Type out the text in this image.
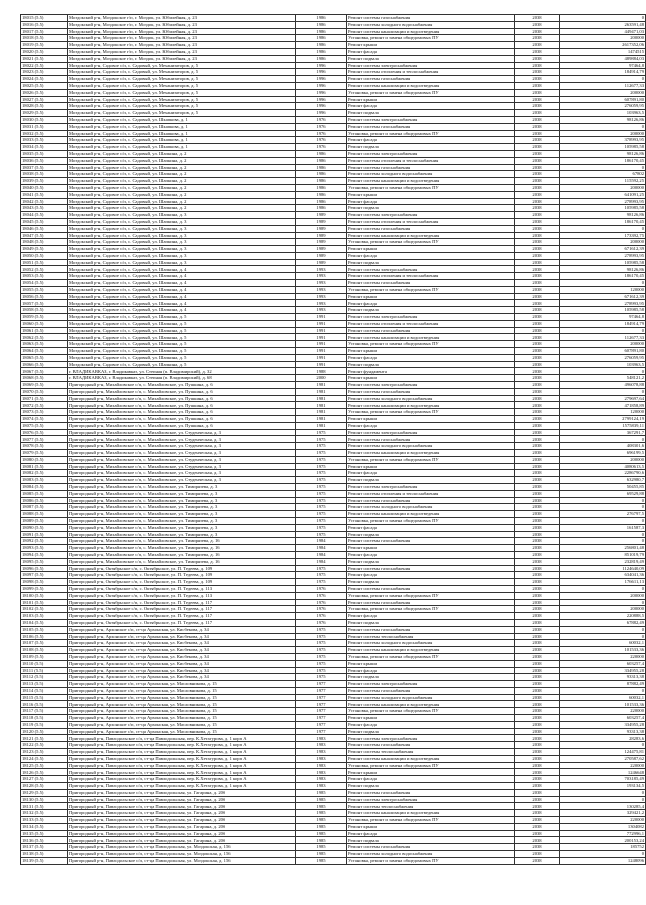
18015 (5.5)	Моздокский р-н, Моздокское г/п, г. Моздок, ул. Юбилейная, д. 23	1986	Ремонт системы газоснабжения	2038	0
18016 (5.5)	Моздокский р-н, Моздокское г/п, г. Моздок, ул. Юбилейная, д. 23	1986	Ремонт системы холодного водоснабжения	2038	263591,48
18017 (5.5)	Моздокский р-н, Моздокское г/п, г. Моздок, ул. Юбилейная, д. 23	1986	Ремонт системы канализации и водоотведения	2038	449471,03
18018 (5.5)	Моздокский р-н, Моздокское г/п, г. Моздок, ул. Юбилейная, д. 23	1986	Установка, ремонт и замена общедомовых ПУ	2038	200000
18019 (5.5)	Моздокский р-н, Моздокское г/п, г. Моздок, ул. Юбилейная, д. 23	1986	Ремонт крыши	2038	2617352,06
18020 (5.5)	Моздокский р-н, Моздокское г/п, г. Моздок, ул. Юбилейная, д. 23	1986	Ремонт фасада	2038	1474515
18021 (5.5)	Моздокский р-н, Моздокское г/п, г. Моздок, ул. Юбилейная, д. 23	1986	Ремонт подвала	2038	489884,03
18022 (5.5)	Моздокский р-н, Садовое с/п, с. Садовый, ул. Механизаторов, д. 5	1996	Ремонт системы электроснабжения	2038	97464,8
18023 (5.5)	Моздокский р-н, Садовое с/п, с. Садовый, ул. Механизаторов, д. 5	1996	Ремонт системы отопления и теплоснабжения	2038	184914,79
18024 (5.5)	Моздокский р-н, Садовое с/п, с. Садовый, ул. Механизаторов, д. 5	1996	Ремонт системы газоснабжения	2038	0
18025 (5.5)	Моздокский р-н, Садовое с/п, с. Садовый, ул. Механизаторов, д. 5	1996	Ремонт системы канализации и водоотведения	2038	112677,33
18026 (5.5)	Моздокский р-н, Садовое с/п, с. Садовый, ул. Механизаторов, д. 5	1996	Установка, ремонт и замена общедомовых ПУ	2038	200000
18027 (5.5)	Моздокский р-н, Садовое с/п, с. Садовый, ул. Механизаторов, д. 5	1996	Ремонт крыши	2038	607891,80
18028 (5.5)	Моздокский р-н, Садовое с/п, с. Садовый, ул. Механизаторов, д. 5	1996	Ремонт фасада	2038	276059,95
18029 (5.5)	Моздокский р-н, Садовое с/п, с. Садовый, ул. Механизаторов, д. 5	1996	Ремонт подвала	2038	103963,5
18030 (5.5)	Моздокский р-н, Садовое с/п, с. Садовый, ул. Шкапкова, д. 1	1976	Ремонт системы электроснабжения	2038	98126,86
18031 (5.5)	Моздокский р-н, Садовое с/п, с. Садовый, ул. Шкапкова, д. 1	1976	Ремонт системы газоснабжения	2038	0
18032 (5.5)	Моздокский р-н, Садовое с/п, с. Садовый, ул. Шкапкова, д. 1	1976	Установка, ремонт и замена общедомовых ПУ	2038	200000
18033 (5.5)	Моздокский р-н, Садовое с/п, с. Садовый, ул. Шкапкова, д. 1	1976	Ремонт фасада	2038	378993,95
18034 (5.5)	Моздокский р-н, Садовое с/п, с. Садовый, ул. Шкапкова, д. 1	1976	Ремонт подвала	2038	105985,58
18035 (5.5)	Моздокский р-н, Садовое с/п, с. Садовый, ул. Шапкина, д. 2	1986	Ремонт системы электроснабжения	2038	98126,86
18036 (5.5)	Моздокский р-н, Садовое с/п, с. Садовый, ул. Шапкина, д. 2	1986	Ремонт системы отопления и теплоснабжения	2038	186170,45
18037 (5.5)	Моздокский р-н, Садовое с/п, с. Садовый, ул. Шапкина, д. 2	1986	Ремонт системы газоснабжения	2038	0
18038 (5.5)	Моздокский р-н, Садовое с/п, с. Садовый, ул. Шапкина, д. 2	1986	Ремонт системы холодного водоснабжения	2038	67802
18039 (5.5)	Моздокский р-н, Садовое с/п, с. Садовый, ул. Шапкина, д. 2	1986	Ремонт системы канализации и водоотведения	2038	115592,25
18040 (5.5)	Моздокский р-н, Садовое с/п, с. Садовый, ул. Шапкина, д. 2	1986	Установка, ремонт и замена общедомовых ПУ	2038	200000
18041 (5.5)	Моздокский р-н, Садовое с/п, с. Садовый, ул. Шапкина, д. 2	1986	Ремонт крыши	2038	641091,25
18042 (5.5)	Моздокский р-н, Садовое с/п, с. Садовый, ул. Шапкина, д. 2	1986	Ремонт фасада	2038	278993,95
18043 (5.5)	Моздокский р-н, Садовое с/п, с. Садовый, ул. Шапкина, д. 2	1986	Ремонт подвала	2038	105985,58
18044 (5.5)	Моздокский р-н, Садовое с/п, с. Садовый, ул. Шапкина, д. 3	1989	Ремонт системы электроснабжения	2038	98126,86
18045 (5.5)	Моздокский р-н, Садовое с/п, с. Садовый, ул. Шапкина, д. 3	1989	Ремонт системы отопления и теплоснабжения	2038	186170,45
18046 (5.5)	Моздокский р-н, Садовое с/п, с. Садовый, ул. Шапкина, д. 3	1989	Ремонт системы газоснабжения	2038	0
18047 (5.5)	Моздокский р-н, Садовое с/п, с. Садовый, ул. Шапкина, д. 3	1989	Ремонт системы канализации и водоотведения	2038	173392,75
18048 (5.5)	Моздокский р-н, Садовое с/п, с. Садовый, ул. Шапкина, д. 3	1989	Установка, ремонт и замена общедомовых ПУ	2038	200000
18049 (5.5)	Моздокский р-н, Садовое с/п, с. Садовый, ул. Шапкина, д. 3	1989	Ремонт крыши	2038	671612,39
18050 (5.5)	Моздокский р-н, Садовое с/п, с. Садовый, ул. Шапкина, д. 3	1989	Ремонт фасада	2038	278993,95
18051 (5.5)	Моздокский р-н, Садовое с/п, с. Садовый, ул. Шапкина, д. 3	1989	Ремонт подвала	2038	105985,58
18052 (5.5)	Моздокский р-н, Садовое с/п, с. Садовый, ул. Шапкина, д. 4	1993	Ремонт системы электроснабжения	2038	98126,86
18053 (5.5)	Моздокский р-н, Садовое с/п, с. Садовый, ул. Шапкина, д. 4	1993	Ремонт системы отопления и теплоснабжения	2038	186170,45
18054 (5.5)	Моздокский р-н, Садовое с/п, с. Садовый, ул. Шапкина, д. 4	1993	Ремонт системы газоснабжения	2038	0
18055 (5.5)	Моздокский р-н, Садовое с/п, с. Садовый, ул. Шапкина, д. 4	1993	Установка, ремонт и замена общедомовых ПУ	2038	120000
18056 (5.5)	Моздокский р-н, Садовое с/п, с. Садовый, ул. Шапкина, д. 4	1993	Ремонт крыши	2038	671612,39
18057 (5.5)	Моздокский р-н, Садовое с/п, с. Садовый, ул. Шапкина, д. 4	1993	Ремонт фасада	2038	278993,95
18058 (5.5)	Моздокский р-н, Садовое с/п, с. Садовый, ул. Шапкина, д. 4	1993	Ремонт подвала	2038	105985,58
18059 (5.5)	Моздокский р-н, Садовое с/п, с. Садовый, ул. Шапкина, д. 5	1991	Ремонт системы электроснабжения	2038	97464,8
18060 (5.5)	Моздокский р-н, Садовое с/п, с. Садовый, ул. Шапкина, д. 5	1991	Ремонт системы отопления и теплоснабжения	2038	184914,79
18061 (5.5)	Моздокский р-н, Садовое с/п, с. Садовый, ул. Шапкина, д. 5	1991	Ремонт системы газоснабжения	2038	0
18062 (5.5)	Моздокский р-н, Садовое с/п, с. Садовый, ул. Шапкина, д. 5	1991	Ремонт системы канализации и водоотведения	2038	112677,33
18063 (5.5)	Моздокский р-н, Садовое с/п, с. Садовый, ул. Шапкина, д. 5	1991	Установка, ремонт и замена общедомовых ПУ	2038	200000
18064 (5.5)	Моздокский р-н, Садовое с/п, с. Садовый, ул. Шапкина, д. 5	1991	Ремонт крыши	2038	607891,80
18065 (5.5)	Моздокский р-н, Садовое с/п, с. Садовый, ул. Шапкина, д. 5	1991	Ремонт фасада	2038	276059,95
18066 (5.5)	Моздокский р-н, Садовое с/п, с. Садовый, ул. Шапкина, д. 5	1991	Ремонт подвала	2038	103963,5
18067 (5.5)	г. ВЛАДИКАВКАЗ, г. Владикавказ, ул. Степная (п. Владимирский), д. 32	1988	Ремонт фундамента	2038	0
18068 (5.5)	г. ВЛАДИКАВКАЗ, г. Владикавказ, ул. Степная (п. Владимирский), д. 68	2000	Ремонт крыши	2038	548121,2
18069 (5.5)	Пригородный р-н, Михайловское с/п, с. Михайловское, ул. Пушкина, д. 6	1981	Ремонт системы электроснабжения	2038	496078,88
18070 (5.5)	Пригородный р-н, Михайловское с/п, с. Михайловское, ул. Пушкина, д. 6	1981	Ремонт системы газоснабжения	2038	0
18071 (5.5)	Пригородный р-н, Михайловское с/п, с. Михайловское, ул. Пушкина, д. 6	1981	Ремонт системы холодного водоснабжения	2038	279697,64
18072 (5.5)	Пригородный р-н, Михайловское с/п, с. Михайловское, ул. Пушкина, д. 6	1981	Ремонт системы канализации и водоотведения	2038	471858,89
18073 (5.5)	Пригородный р-н, Михайловское с/п, с. Михайловское, ул. Пушкина, д. 6	1981	Установка, ремонт и замена общедомовых ПУ	2038	120000
18074 (5.5)	Пригородный р-н, Михайловское с/п, с. Михайловское, ул. Пушкина, д. 6	1981	Ремонт крыши	2038	2799124,19
18075 (5.5)	Пригородный р-н, Михайловское с/п, с. Михайловское, ул. Пушкина, д. 6	1981	Ремонт фасада	2038	1575839,11
18076 (5.5)	Пригородный р-н, Михайловское с/п, с. Михайловское, ул. Студенческая, д. 3	1975	Ремонт системы электроснабжения	2038	367291,7
18077 (5.5)	Пригородный р-н, Михайловское с/п, с. Михайловское, ул. Студенческая, д. 3	1975	Ремонт системы газоснабжения	2038	0
18078 (5.5)	Пригородный р-н, Михайловское с/п, с. Михайловское, ул. Студенческая, д. 3	1975	Ремонт системы холодного водоснабжения	2038	408301,6
18079 (5.5)	Пригородный р-н, Михайловское с/п, с. Михайловское, ул. Студенческая, д. 3	1975	Ремонт системы канализации и водоотведения	2038	696199,5
18080 (5.5)	Пригородный р-н, Михайловское с/п, с. Михайловское, ул. Студенческая, д. 3	1975	Установка, ремонт и замена общедомовых ПУ	2038	200000
18081 (5.5)	Пригородный р-н, Михайловское с/п, с. Михайловское, ул. Студенческая, д. 3	1975	Ремонт крыши	2038	4080613,5
18082 (5.5)	Пригородный р-н, Михайловское с/п, с. Михайловское, ул. Студенческая, д. 3	1975	Ремонт фасада	2038	2286790,6
18083 (5.5)	Пригородный р-н, Михайловское с/п, с. Михайловское, ул. Студенческая, д. 3	1975	Ремонт подвала	2038	632980,7
18084 (5.5)	Пригородный р-н, Михайловское с/п, с. Михайловское, ул. Тимирязева, д. 3	1975	Ремонт системы электроснабжения	2038	50455,85
18085 (5.5)	Пригородный р-н, Михайловское с/п, с. Михайловское, ул. Тимирязева, д. 3	1975	Ремонт системы отопления и теплоснабжения	2038	69529,88
18086 (5.5)	Пригородный р-н, Михайловское с/п, с. Михайловское, ул. Тимирязева, д. 3	1975	Ремонт системы газоснабжения	2038	0
18087 (5.5)	Пригородный р-н, Михайловское с/п, с. Михайловское, ул. Тимирязева, д. 3	1975	Ремонт системы холодного водоснабжения	2038	0
18088 (5.5)	Пригородный р-н, Михайловское с/п, с. Михайловское, ул. Тимирязева, д. 3	1975	Ремонт системы канализации и водоотведения	2038	276797,5
18089 (5.5)	Пригородный р-н, Михайловское с/п, с. Михайловское, ул. Тимирязева, д. 3	1975	Установка, ремонт и замена общедомовых ПУ	2038	0
18090 (5.5)	Пригородный р-н, Михайловское с/п, с. Михайловское, ул. Тимирязева, д. 3	1975	Ремонт фасада	2038	161587,3
18091 (5.5)	Пригородный р-н, Михайловское с/п, с. Михайловское, ул. Тимирязева, д. 3	1975	Ремонт подвала	2038	0
18092 (5.5)	Пригородный р-н, Михайловское с/п, с. Михайловское, ул. Тимирязева, д. 16	1984	Ремонт системы газоснабжения	2038	0
18093 (5.5)	Пригородный р-н, Михайловское с/п, с. Михайловское, ул. Тимирязева, д. 16	1984	Ремонт крыши	2038	256801,48
18094 (5.5)	Пригородный р-н, Михайловское с/п, с. Михайловское, ул. Тимирязева, д. 16	1984	Ремонт фасада	2038	851019,79
18095 (5.5)	Пригородный р-н, Михайловское с/п, с. Михайловское, ул. Тимирязева, д. 16	1984	Ремонт подвала	2038	232819,49
18096 (5.5)	Пригородный р-н, Октябрьское с/п, с. Октябрьское, ул. П. Тедеева, д. 109	1975	Ремонт системы газоснабжения	2038	1124640,09
18097 (5.5)	Пригородный р-н, Октябрьское с/п, с. Октябрьское, ул. П. Тедеева, д. 109	1975	Ремонт фасада	2038	634041,36
18098 (5.5)	Пригородный р-н, Октябрьское с/п, с. Октябрьское, ул. П. Тедеева, д. 109	1975	Ремонт подвала	2038	176611,13
18099 (5.5)	Пригородный р-н, Октябрьское с/п, с. Октябрьское, ул. П. Тедеева, д. 113	1976	Ремонт системы газоснабжения	2038	0
18100 (5.5)	Пригородный р-н, Октябрьское с/п, с. Октябрьское, ул. П. Тедеева, д. 113	1976	Установка, ремонт и замена общедомовых ПУ	2038	200000
18101 (5.5)	Пригородный р-н, Октябрьское с/п, с. Октябрьское, ул. П. Тедеева, д. 117	1976	Ремонт системы газоснабжения	2038	0
18102 (5.5)	Пригородный р-н, Октябрьское с/п, с. Октябрьское, ул. П. Тедеева, д. 117	1976	Установка, ремонт и замена общедомовых ПУ	2038	200000
18103 (5.5)	Пригородный р-н, Октябрьское с/п, с. Октябрьское, ул. П. Тедеева, д. 117	1976	Ремонт фасада	2038	220888,5
18104 (5.5)	Пригородный р-н, Октябрьское с/п, с. Октябрьское, ул. П. Тедеева, д. 117	1976	Ремонт подвала	2038	67882,49
18105 (5.5)	Пригородный р-н, Архонское с/п, ст-ца Архонская, ул. Кисбекова, д. 34	1975	Ремонт системы газоснабжения	2038	0
18106 (5.5)	Пригородный р-н, Архонское с/п, ст-ца Архонская, ул. Кисбекова, д. 34	1975	Ремонт системы теплоснабжения	2038	0
18107 (5.5)	Пригородный р-н, Архонское с/п, ст-ца Архонская, ул. Кисбекова, д. 34	1975	Ремонт системы холодного водоснабжения	2038	60032,1
18108 (5.5)	Пригородный р-н, Архонское с/п, ст-ца Архонская, ул. Кисбекова, д. 34	1975	Ремонт системы канализации и водоотведения	2038	101533,36
18109 (5.5)	Пригородный р-н, Архонское с/п, ст-ца Архонская, ул. Кисбекова, д. 34	1975	Установка, ремонт и замена общедомовых ПУ	2038	220000
18110 (5.5)	Пригородный р-н, Архонское с/п, ст-ца Архонская, ул. Кисбекова, д. 34	1975	Ремонт крыши	2038	603257,4
18111 (5.5)	Пригородный р-н, Архонское с/п, ст-ца Архонская, ул. Кисбекова, д. 34	1975	Ремонт фасада	2038	334955,28
18112 (5.5)	Пригородный р-н, Архонское с/п, ст-ца Архонская, ул. Кисбекова, д. 34	1975	Ремонт подвала	2038	93313,38
18113 (5.5)	Пригородный р-н, Архонское с/п, ст-ца Архонская, ул. Масловникова, д. 15	1977	Ремонт системы электроснабжения	2038	87882,49
18114 (5.5)	Пригородный р-н, Архонское с/п, ст-ца Архонская, ул. Масловникова, д. 15	1977	Ремонт системы газоснабжения	2038	0
18115 (5.5)	Пригородный р-н, Архонское с/п, ст-ца Архонская, ул. Масловникова, д. 15	1977	Ремонт системы холодного водоснабжения	2038	60032,1
18116 (5.5)	Пригородный р-н, Архонское с/п, ст-ца Архонская, ул. Масловникова, д. 15	1977	Ремонт системы канализации и водоотведения	2038	101533,36
18117 (5.5)	Пригородный р-н, Архонское с/п, ст-ца Архонская, ул. Масловникова, д. 15	1977	Установка, ремонт и замена общедомовых ПУ	2038	220000
18118 (5.5)	Пригородный р-н, Архонское с/п, ст-ца Архонская, ул. Масловникова, д. 15	1977	Ремонт крыши	2038	603257,4
18119 (5.5)	Пригородный р-н, Архонское с/п, ст-ца Архонская, ул. Масловникова, д. 15	1977	Ремонт фасада	2038	334955,28
18120 (5.5)	Пригородный р-н, Архонское с/п, ст-ца Архонская, ул. Масловникова, д. 15	1977	Ремонт подвала	2038	93313,38
18121 (5.5)	Пригородный р-н, Павлодольское с/п, ст-ца Павлодольская, пер. К.Хетагурова, д. 1 корп А	1983	Ремонт системы электроснабжения	2038	28283,6
18122 (5.5)	Пригородный р-н, Павлодольское с/п, ст-ца Павлодольская, пер. К.Хетагурова, д. 1 корп А	1983	Ремонт системы газоснабжения	2038	0
18123 (5.5)	Пригородный р-н, Павлодольское с/п, ст-ца Павлодольская, пер. К.Хетагурова, д. 1 корп А	1983	Ремонт системы теплоснабжения	2038	124475,81
18124 (5.5)	Пригородный р-н, Павлодольское с/п, ст-ца Павлодольская, пер. К.Хетагурова, д. 1 корп А	1983	Ремонт системы канализации и водоотведения	2038	270587,62
18125 (5.5)	Пригородный р-н, Павлодольское с/п, ст-ца Павлодольская, пер. К.Хетагурова, д. 1 корп А	1983	Установка, ремонт и замена общедомовых ПУ	2038	220000
18126 (5.5)	Пригородный р-н, Павлодольское с/п, ст-ца Павлодольская, пер. К.Хетагурова, д. 1 корп А	1983	Ремонт крыши	2038	1246648
18127 (5.5)	Пригородный р-н, Павлодольское с/п, ст-ца Павлодольская, пер. К.Хетагурова, д. 1 корп А	1983	Ремонт фасада	2038	703185,49
18128 (5.5)	Пригородный р-н, Павлодольское с/п, ст-ца Павлодольская, пер. К.Хетагурова, д. 1 корп А	1983	Ремонт подвала	2038	193134,5
18129 (5.5)	Пригородный р-н, Павлодольское с/п, ст-ца Павлодольская, ул. Гагарина, д. 20б	1985	Ремонт системы газоснабжения	2038	0
18130 (5.5)	Пригородный р-н, Павлодольское с/п, ст-ца Павлодольская, ул. Гагарина, д. 20б	1985	Ремонт системы электроснабжения	2038	0
18131 (5.5)	Пригородный р-н, Павлодольское с/п, ст-ца Павлодольская, ул. Гагарина, д. 20б	1985	Ремонт системы теплоснабжения	2038	130285,4
18132 (5.5)	Пригородный р-н, Павлодольское с/п, ст-ца Павлодольская, ул. Гагарина, д. 20б	1985	Ремонт системы канализации и водоотведения	2038	329421,2
18133 (5.5)	Пригородный р-н, Павлодольское с/п, ст-ца Павлодольская, ул. Гагарина, д. 20б	1985	Установка, ремонт и замена общедомовых ПУ	2038	220000
18134 (5.5)	Пригородный р-н, Павлодольское с/п, ст-ца Павлодольская, ул. Гагарина, д. 20б	1985	Ремонт крыши	2038	1304082
18135 (5.5)	Пригородный р-н, Павлодольское с/п, ст-ца Павлодольская, ул. Гагарина, д. 20б	1985	Ремонт фасада	2038	772996,1
18136 (5.5)	Пригородный р-н, Павлодольское с/п, ст-ца Павлодольская, ул. Гагарина, д. 20б	1985	Ремонт подвала	2038	200153,24
18137 (5.5)	Пригородный р-н, Павлодольское с/п, ст-ца Павлодольская, ул. Моздокская, д. 156	1985	Ремонт системы газоснабжения	2038	185752
18138 (5.5)	Пригородный р-н, Павлодольское с/п, ст-ца Павлодольская, ул. Моздокская, д. 156	1985	Ремонт системы холодного водоснабжения	2038	0
18139 (5.5)	Пригородный р-н, Павлодольское с/п, ст-ца Павлодольская, ул. Моздокская, д. 156	1985	Установка, ремонт и замена общедомовых ПУ	2038	1248096
